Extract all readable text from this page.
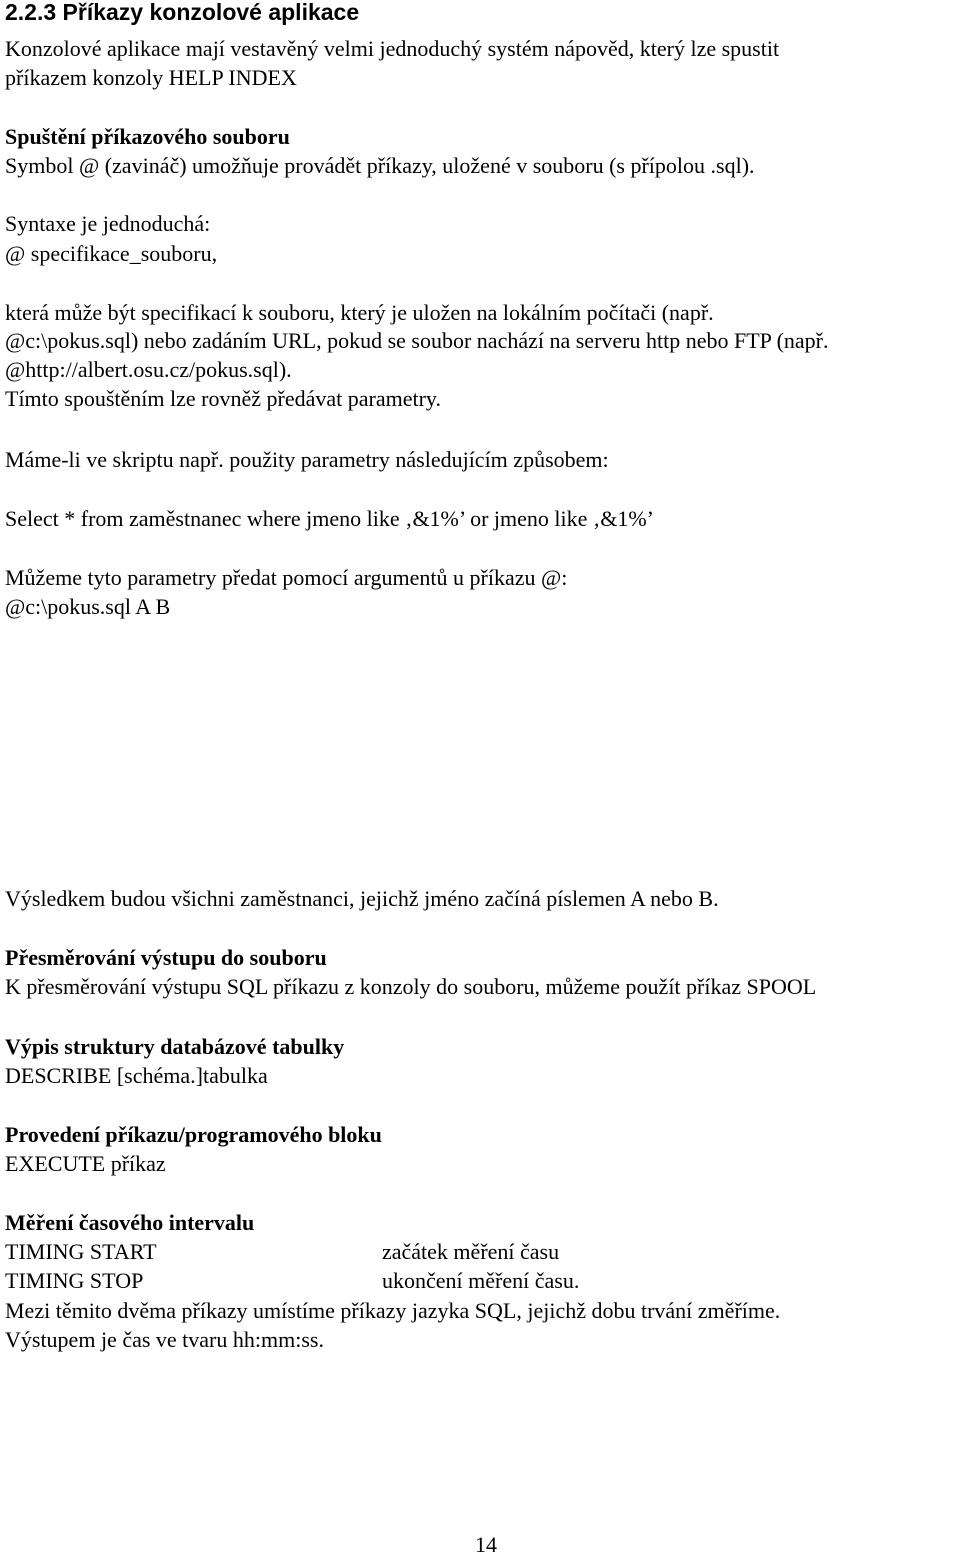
2.2.3 Příkazy konzolové aplikace
Konzolové aplikace mají vestavěný velmi jednoduchý systém nápověd, který lze spustit
příkazem konzoly HELP INDEX
Spuštění příkazového souboru
Symbol @ (zavináč) umožňuje provádět příkazy, uložené v souboru (s přípolou .sql).
Syntaxe je jednoduchá:
@ specifikace_souboru,
která může být specifikací k souboru, který je uložen na lokálním počítači (např.
@c:\pokus.sql) nebo zadáním URL, pokud se soubor nachází na serveru http nebo FTP (např.
@http://albert.osu.cz/pokus.sql).
Tímto spouštěním lze rovněž předávat parametry.
Máme-li ve skriptu např. použity parametry následujícím způsobem:
Select * from zaměstnanec where jmeno like ‚&1%’ or jmeno like ‚&1%’
Můžeme tyto parametry předat pomocí argumentů u příkazu @:
@c:\pokus.sql A B
Výsledkem budou všichni zaměstnanci, jejichž jméno začíná píslemen A nebo B.
Přesměrování výstupu do souboru
K přesměrování výstupu SQL příkazu z konzoly do souboru, můžeme použít příkaz SPOOL
Výpis struktury databázové tabulky
DESCRIBE [schéma.]tabulka
Provedení příkazu/programového bloku
EXECUTE příkaz
Měření časového intervalu
TIMING START	začátek měření času
TIMING STOP	ukončení měření času.
Mezi těmito dvěma příkazy umístíme příkazy jazyka SQL, jejichž dobu trvání změříme.
Výstupem je čas ve tvaru hh:mm:ss.
14
